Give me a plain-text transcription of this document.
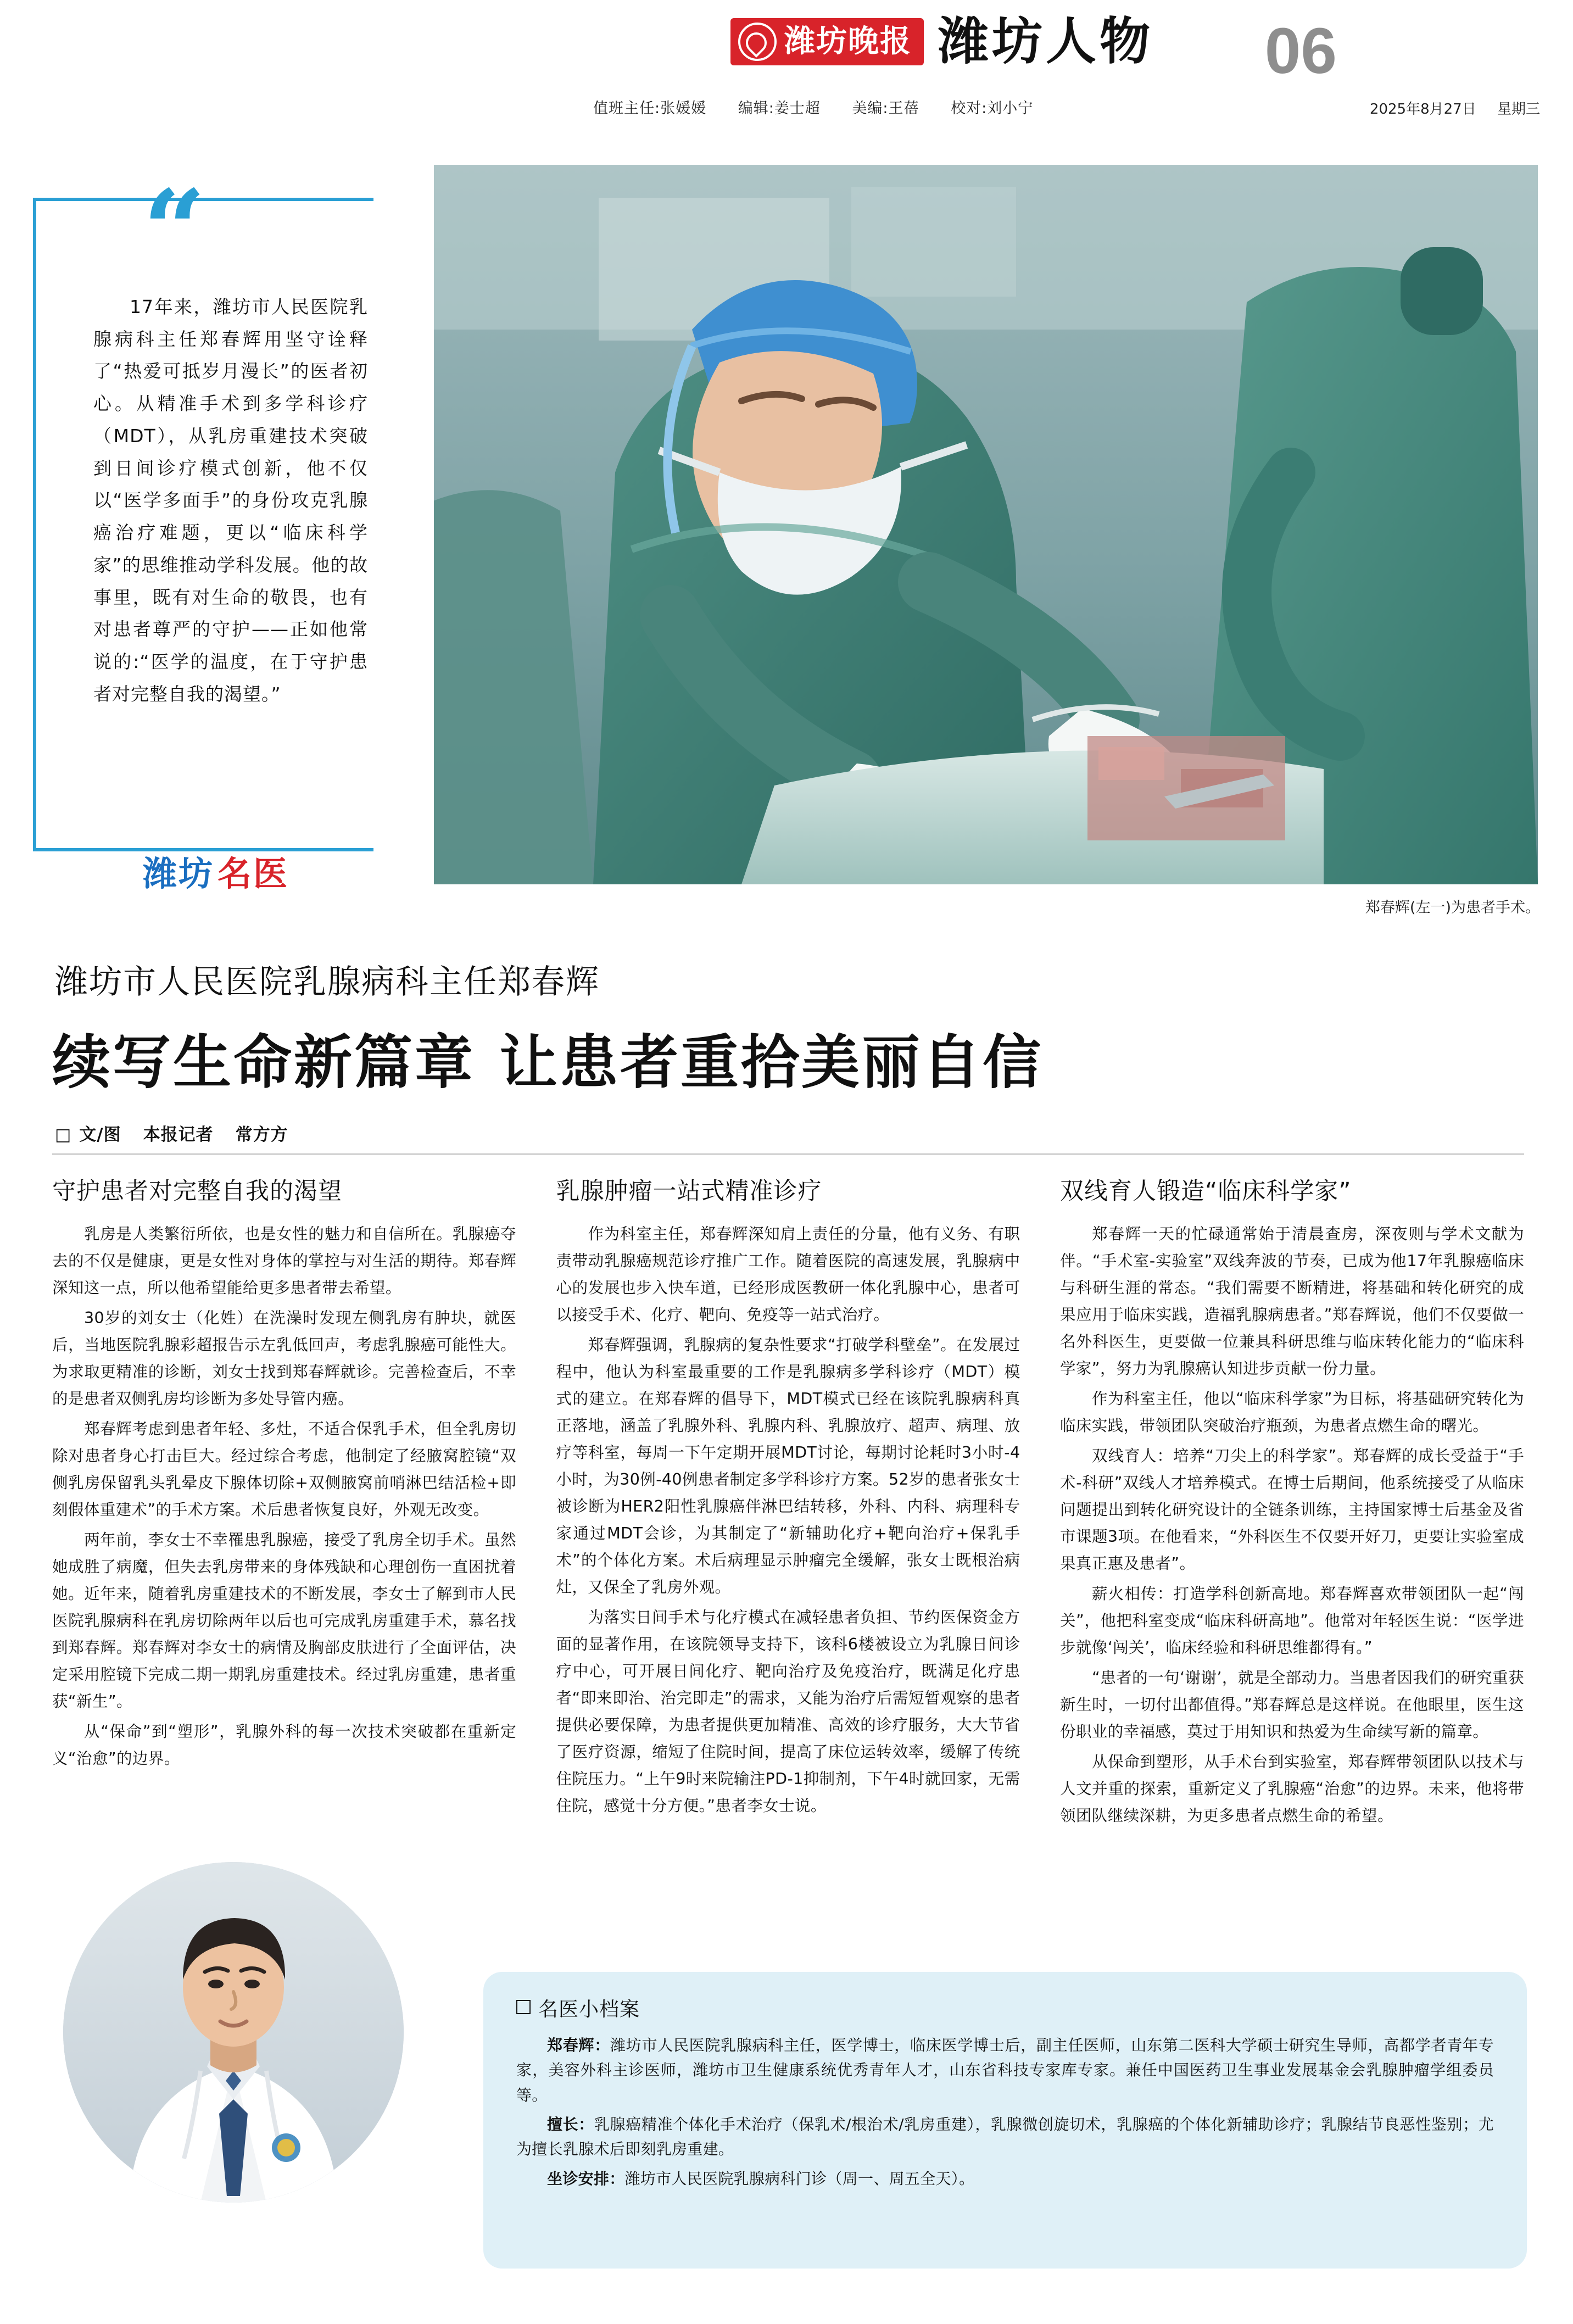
潍坊晚报 潍坊人物 06
值班主任:张媛媛 编辑:姜士超 美编:王蓓 校对:刘小宁	2025年8月27日 星期三
“
17年来，潍坊市人民医院乳腺病科主任郑春辉用坚守诠释了“热爱可抵岁月漫长”的医者初心。从精准手术到多学科诊疗（MDT），从乳房重建技术突破到日间诊疗模式创新，他不仅以“医学多面手”的身份攻克乳腺癌治疗难题，更以“临床科学家”的思维推动学科发展。他的故事里，既有对生命的敬畏，也有对患者尊严的守护——正如他常说的:“医学的温度，在于守护患者对完整自我的渴望。”
潍坊 名医
郑春辉(左一)为患者手术。
潍坊市人民医院乳腺病科主任郑春辉
续写生命新篇章 让患者重拾美丽自信
□ 文/图 本报记者 常方方
守护患者对完整自我的渴望

乳房是人类繁衍所依，也是女性的魅力和自信所在。乳腺癌夺去的不仅是健康，更是女性对身体的掌控与对生活的期待。郑春辉深知这一点，所以他希望能给更多患者带去希望。

30岁的刘女士（化姓）在洗澡时发现左侧乳房有肿块，就医后，当地医院乳腺彩超报告示左乳低回声，考虑乳腺癌可能性大。为求取更精准的诊断，刘女士找到郑春辉就诊。完善检查后，不幸的是患者双侧乳房均诊断为多处导管内癌。

郑春辉考虑到患者年轻、多灶，不适合保乳手术，但全乳房切除对患者身心打击巨大。经过综合考虑，他制定了经腋窝腔镜“双侧乳房保留乳头乳晕皮下腺体切除+双侧腋窝前哨淋巴结活检+即刻假体重建术”的手术方案。术后患者恢复良好，外观无改变。

两年前，李女士不幸罹患乳腺癌，接受了乳房全切手术。虽然她成胜了病魔，但失去乳房带来的身体残缺和心理创伤一直困扰着她。近年来，随着乳房重建技术的不断发展，李女士了解到市人民医院乳腺病科在乳房切除两年以后也可完成乳房重建手术，慕名找到郑春辉。郑春辉对李女士的病情及胸部皮肤进行了全面评估，决定采用腔镜下完成二期一期乳房重建技术。经过乳房重建，患者重获“新生”。

从“保命”到“塑形”，乳腺外科的每一次技术突破都在重新定义“治愈”的边界。

乳腺肿瘤一站式精准诊疗

作为科室主任，郑春辉深知肩上责任的分量，他有义务、有职责带动乳腺癌规范诊疗推广工作。随着医院的高速发展，乳腺病中心的发展也步入快车道，已经形成医教研一体化乳腺中心，患者可以接受手术、化疗、靶向、免疫等一站式治疗。

郑春辉强调，乳腺病的复杂性要求“打破学科壁垒”。在发展过程中，他认为科室最重要的工作是乳腺病多学科诊疗（MDT）模式的建立。在郑春辉的倡导下，MDT模式已经在该院乳腺病科真正落地，涵盖了乳腺外科、乳腺内科、乳腺放疗、超声、病理、放疗等科室，每周一下午定期开展MDT讨论，每期讨论耗时3小时-4小时，为30例-40例患者制定多学科诊疗方案。52岁的患者张女士被诊断为HER2阳性乳腺癌伴淋巴结转移，外科、内科、病理科专家通过MDT会诊，为其制定了“新辅助化疗+靶向治疗+保乳手术”的个体化方案。术后病理显示肿瘤完全缓解，张女士既根治病灶，又保全了乳房外观。

为落实日间手术与化疗模式在减轻患者负担、节约医保资金方面的显著作用，在该院领导支持下，该科6楼被设立为乳腺日间诊疗中心，可开展日间化疗、靶向治疗及免疫治疗，既满足化疗患者“即来即治、治完即走”的需求，又能为治疗后需短暂观察的患者提供必要保障，为患者提供更加精准、高效的诊疗服务，大大节省了医疗资源，缩短了住院时间，提高了床位运转效率，缓解了传统住院压力。“上午9时来院输注PD-1抑制剂，下午4时就回家，无需住院，感觉十分方便。”患者李女士说。

双线育人锻造“临床科学家”

郑春辉一天的忙碌通常始于清晨查房，深夜则与学术文献为伴。“手术室-实验室”双线奔波的节奏，已成为他17年乳腺癌临床与科研生涯的常态。“我们需要不断精进，将基础和转化研究的成果应用于临床实践，造福乳腺病患者。”郑春辉说，他们不仅要做一名外科医生，更要做一位兼具科研思维与临床转化能力的“临床科学家”，努力为乳腺癌认知进步贡献一份力量。

作为科室主任，他以“临床科学家”为目标，将基础研究转化为临床实践，带领团队突破治疗瓶颈，为患者点燃生命的曙光。

双线育人：培养“刀尖上的科学家”。郑春辉的成长受益于“手术-科研”双线人才培养模式。在博士后期间，他系统接受了从临床问题提出到转化研究设计的全链条训练，主持国家博士后基金及省市课题3项。在他看来，“外科医生不仅要开好刀，更要让实验室成果真正惠及患者”。

薪火相传：打造学科创新高地。郑春辉喜欢带领团队一起“闯关”，他把科室变成“临床科研高地”。他常对年轻医生说：“医学进步就像‘闯关’，临床经验和科研思维都得有。”

“患者的一句‘谢谢’，就是全部动力。当患者因我们的研究重获新生时，一切付出都值得。”郑春辉总是这样说。在他眼里，医生这份职业的幸福感，莫过于用知识和热爱为生命续写新的篇章。

从保命到塑形，从手术台到实验室，郑春辉带领团队以技术与人文并重的探索，重新定义了乳腺癌“治愈”的边界。未来，他将带领团队继续深耕，为更多患者点燃生命的希望。

名医小档案

郑春辉：潍坊市人民医院乳腺病科主任，医学博士，临床医学博士后，副主任医师，山东第二医科大学硕士研究生导师，高都学者青年专家，美容外科主诊医师，潍坊市卫生健康系统优秀青年人才，山东省科技专家库专家。兼任中国医药卫生事业发展基金会乳腺肿瘤学组委员等。

擅长：乳腺癌精准个体化手术治疗（保乳术/根治术/乳房重建），乳腺微创旋切术，乳腺癌的个体化新辅助诊疗；乳腺结节良恶性鉴别；尤为擅长乳腺术后即刻乳房重建。

坐诊安排：潍坊市人民医院乳腺病科门诊（周一、周五全天）。
